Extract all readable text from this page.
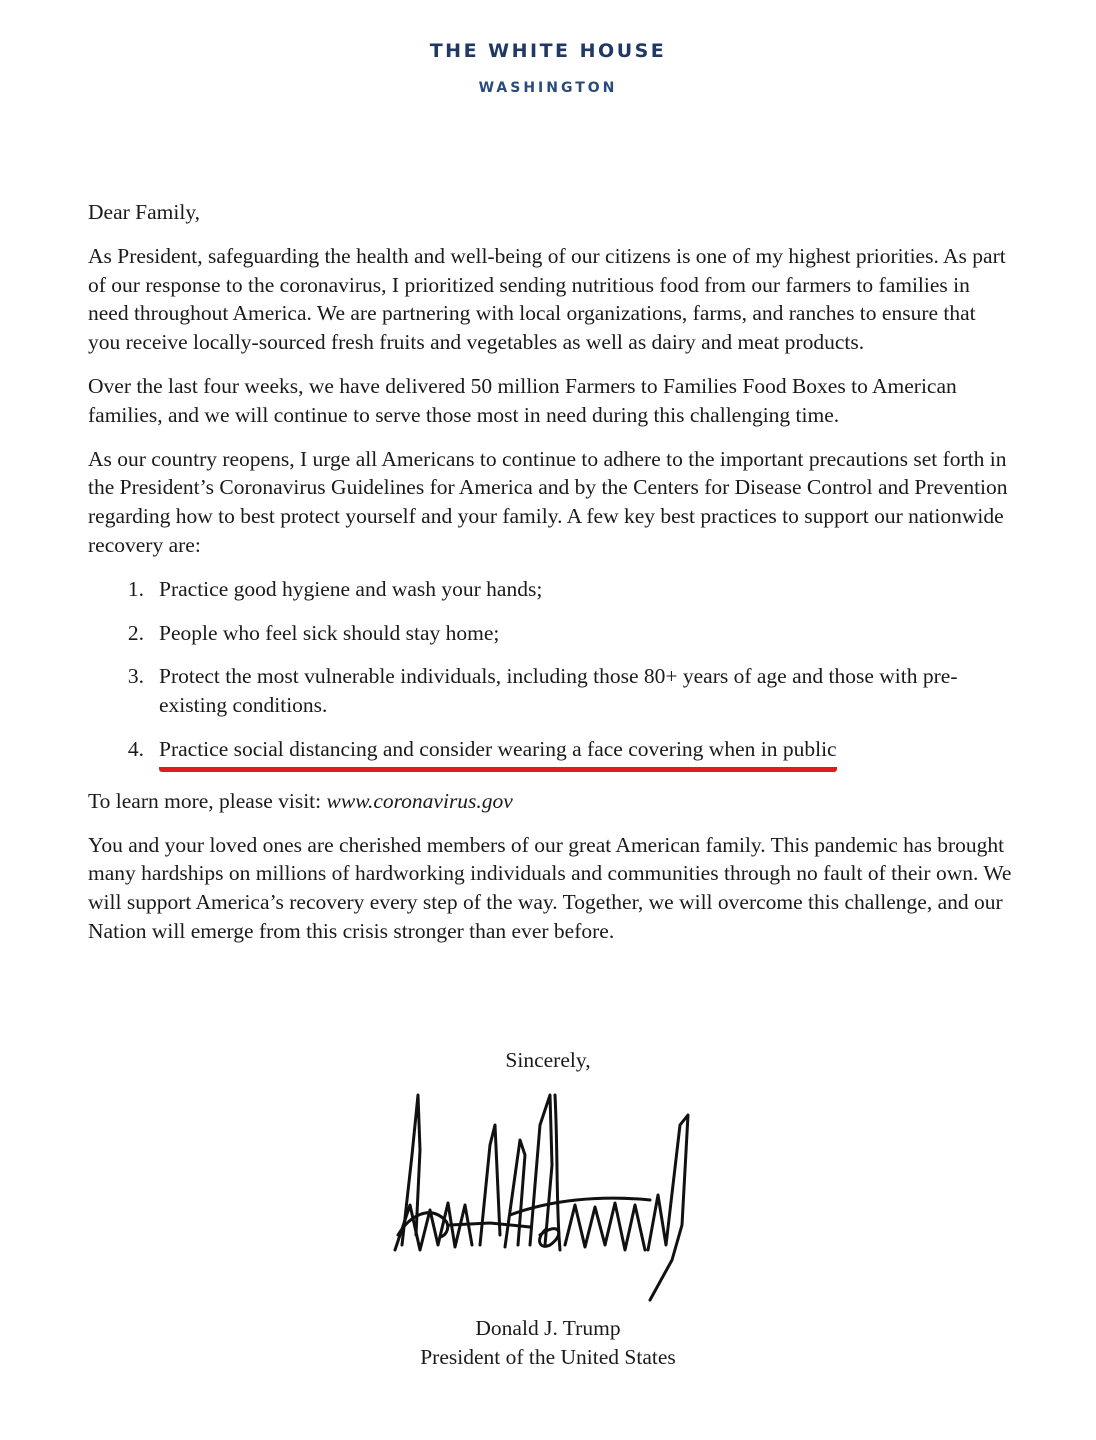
THE WHITE HOUSE
WASHINGTON

Dear Family,

As President, safeguarding the health and well-being of our citizens is one of my highest priorities. As part of our response to the coronavirus, I prioritized sending nutritious food from our farmers to families in need throughout America. We are partnering with local organizations, farms, and ranches to ensure that you receive locally-sourced fresh fruits and vegetables as well as dairy and meat products.

Over the last four weeks, we have delivered 50 million Farmers to Families Food Boxes to American families, and we will continue to serve those most in need during this challenging time.

As our country reopens, I urge all Americans to continue to adhere to the important precautions set forth in the President’s Coronavirus Guidelines for America and by the Centers for Disease Control and Prevention regarding how to best protect yourself and your family. A few key best practices to support our nationwide recovery are:

1. Practice good hygiene and wash your hands;
2. People who feel sick should stay home;
3. Protect the most vulnerable individuals, including those 80+ years of age and those with pre-existing conditions.
4. Practice social distancing and consider wearing a face covering when in public

To learn more, please visit: www.coronavirus.gov

You and your loved ones are cherished members of our great American family. This pandemic has brought many hardships on millions of hardworking individuals and communities through no fault of their own. We will support America’s recovery every step of the way. Together, we will overcome this challenge, and our Nation will emerge from this crisis stronger than ever before.

Sincerely,
Donald J. Trump
President of the United States
